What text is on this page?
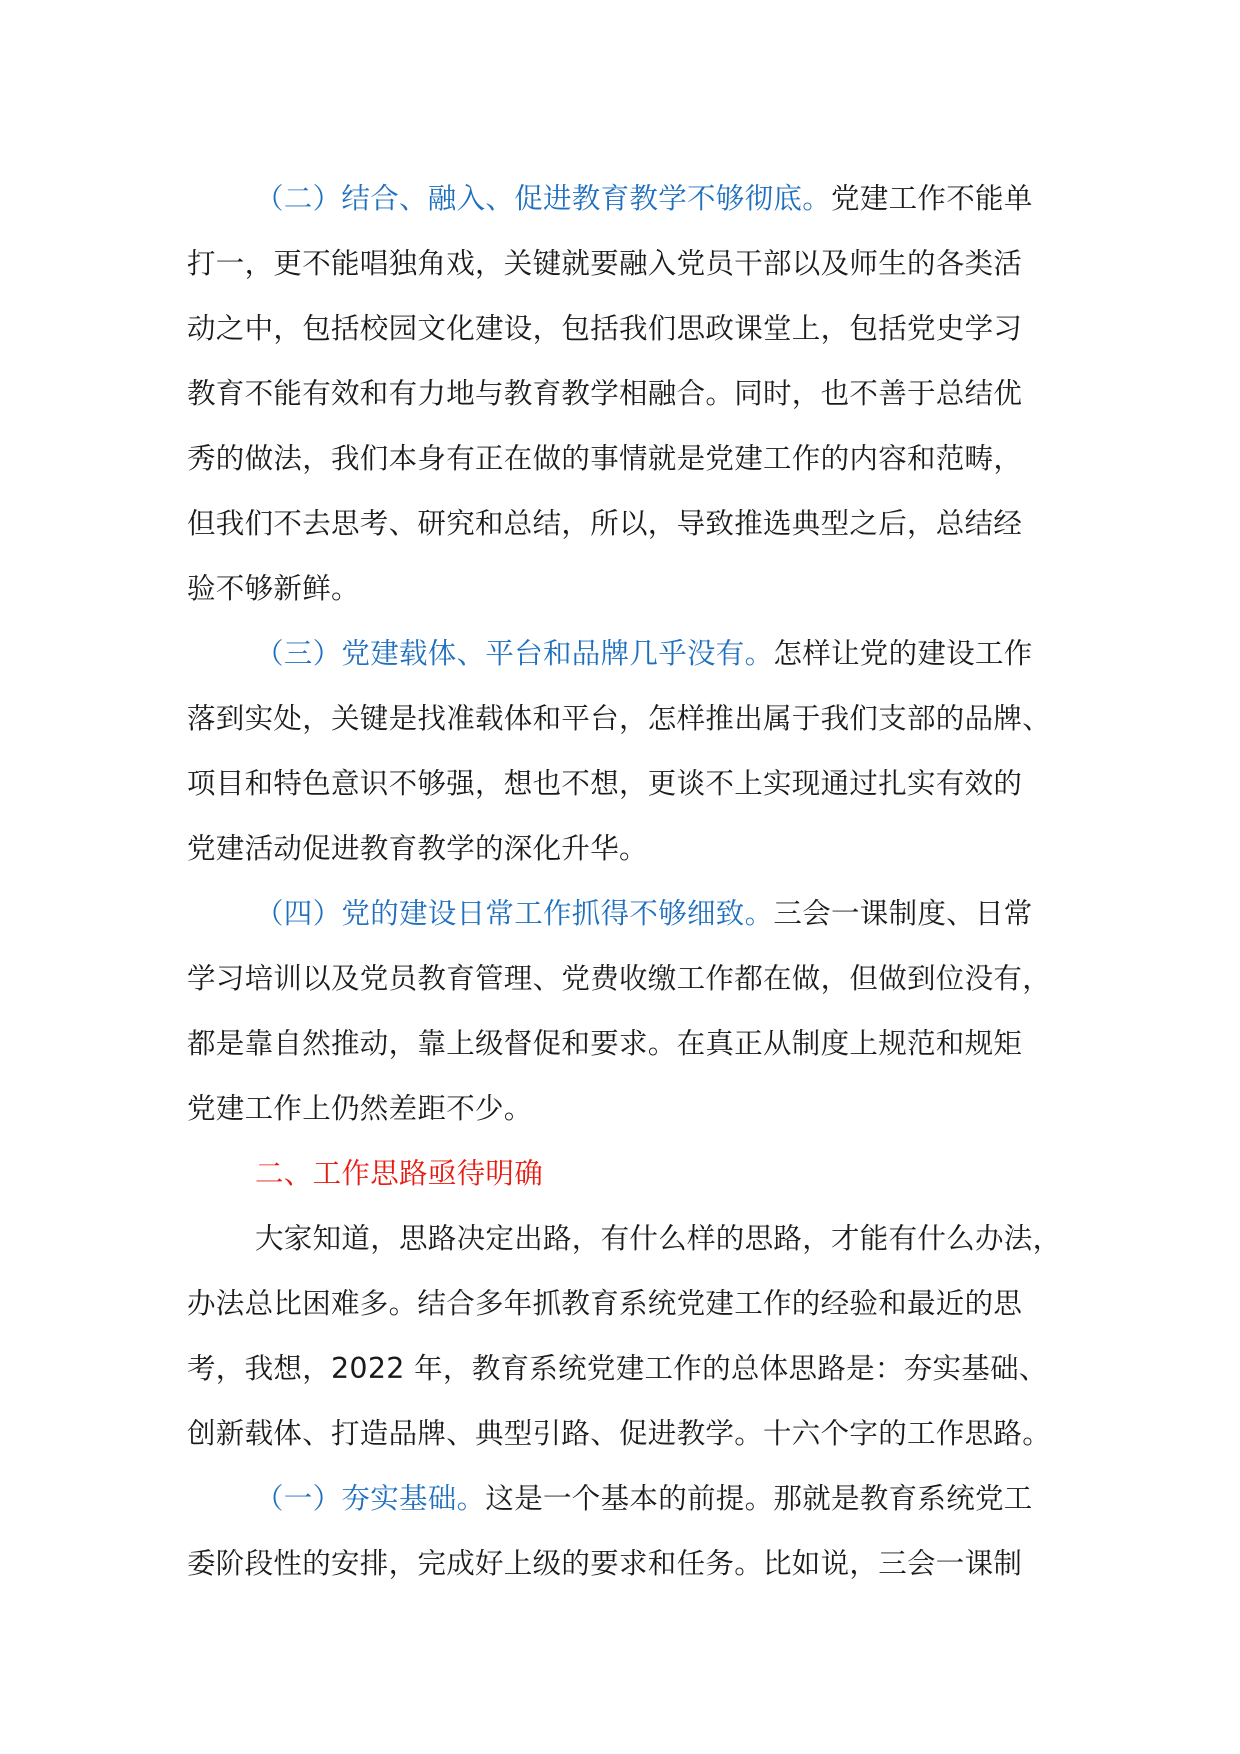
（二）结合、融入、促进教育教学不够彻底。党建工作不能单
打一，更不能唱独角戏，关键就要融入党员干部以及师生的各类活
动之中，包括校园文化建设，包括我们思政课堂上，包括党史学习
教育不能有效和有力地与教育教学相融合。同时，也不善于总结优
秀的做法，我们本身有正在做的事情就是党建工作的内容和范畴，
但我们不去思考、研究和总结，所以，导致推选典型之后，总结经
验不够新鲜。
（三）党建载体、平台和品牌几乎没有。怎样让党的建设工作
落到实处，关键是找准载体和平台，怎样推出属于我们支部的品牌、
项目和特色意识不够强，想也不想，更谈不上实现通过扎实有效的
党建活动促进教育教学的深化升华。
（四）党的建设日常工作抓得不够细致。三会一课制度、日常
学习培训以及党员教育管理、党费收缴工作都在做，但做到位没有，
都是靠自然推动，靠上级督促和要求。在真正从制度上规范和规矩
党建工作上仍然差距不少。
二、工作思路亟待明确
大家知道，思路决定出路，有什么样的思路，才能有什么办法，
办法总比困难多。结合多年抓教育系统党建工作的经验和最近的思
考，我想，2022 年，教育系统党建工作的总体思路是：夯实基础、
创新载体、打造品牌、典型引路、促进教学。十六个字的工作思路。
（一）夯实基础。这是一个基本的前提。那就是教育系统党工
委阶段性的安排，完成好上级的要求和任务。比如说，三会一课制
